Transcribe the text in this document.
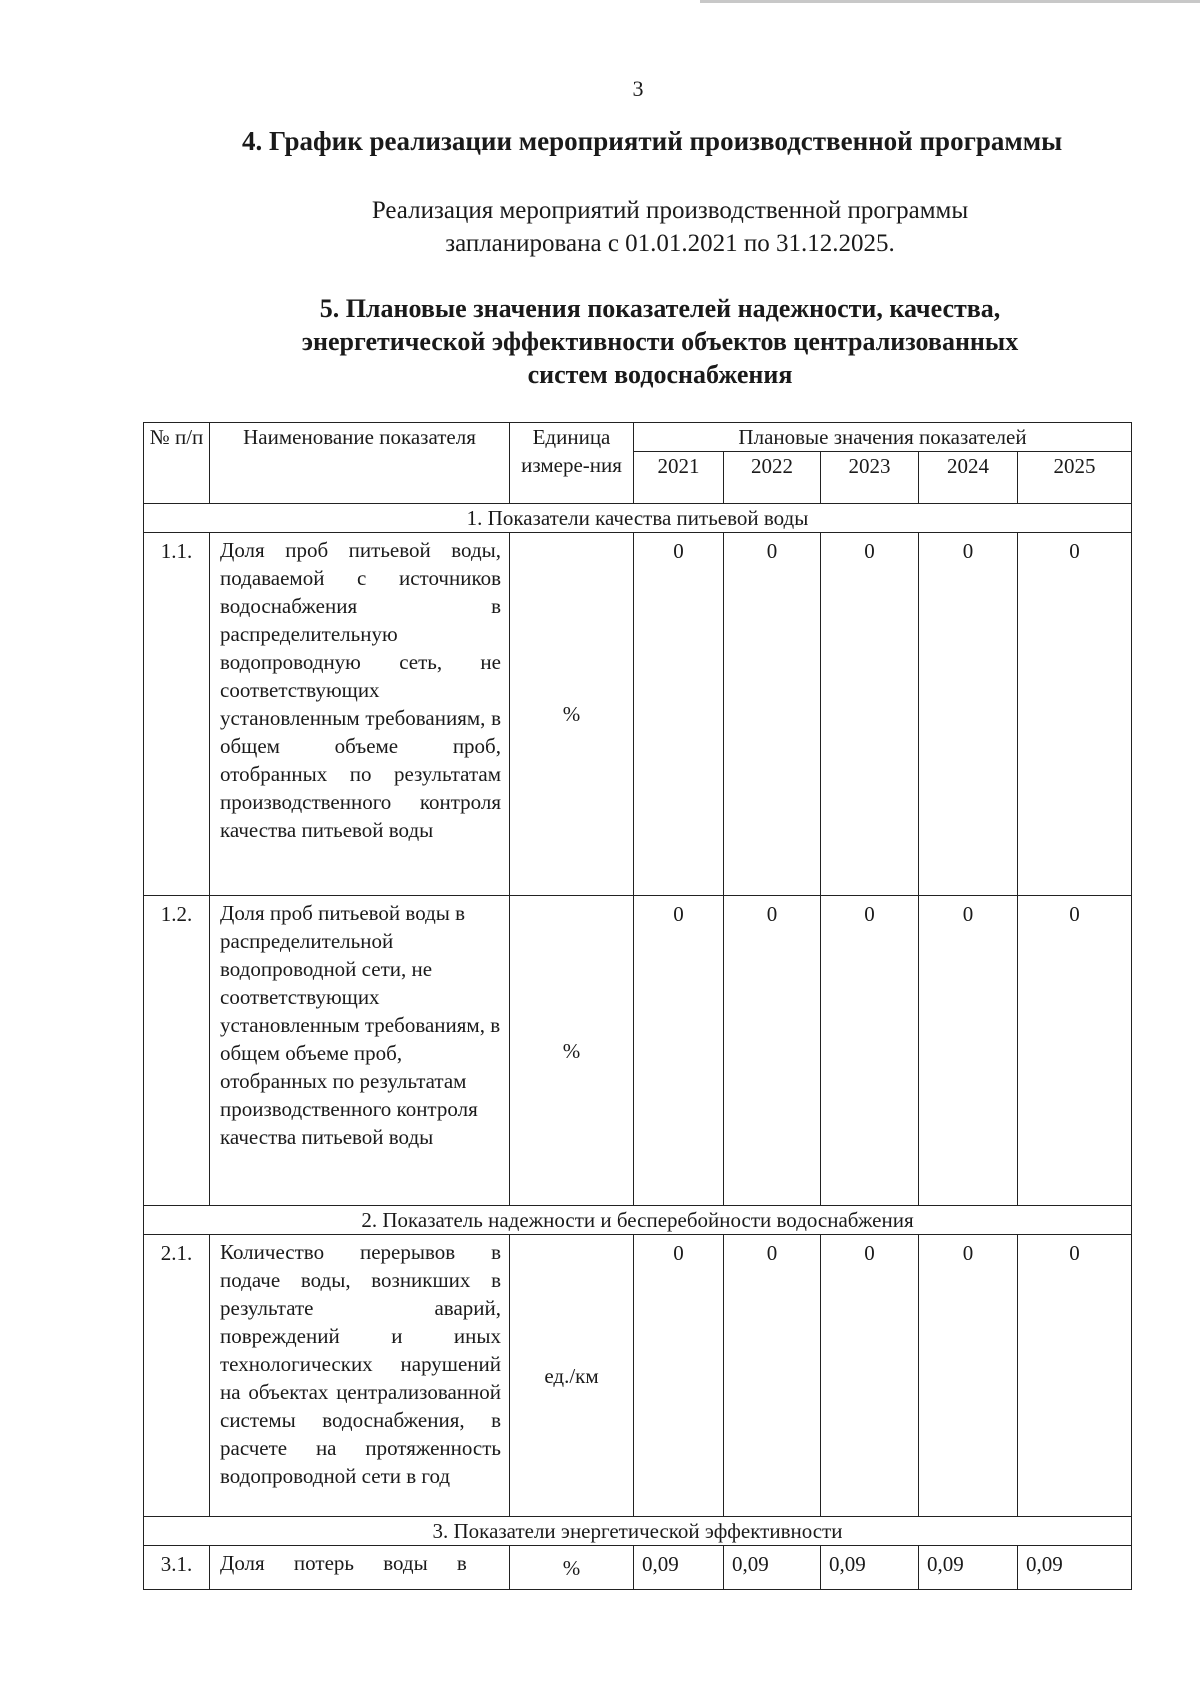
3
4. График реализации мероприятий производственной программы
Реализация мероприятий производственной программы
запланирована с 01.01.2021 по 31.12.2025.
5. Плановые значения показателей надежности, качества,
энергетической эффективности объектов централизованных
систем водоснабжения
№ п/п	Наименование показателя	Единица измере-ния	Плановые значения показателей				
			2021	2022	2023	2024	2025
1. Показатели качества питьевой воды							
1.1.	Доля проб питьевой воды, подаваемой с источников водоснабжения в распределительную водопроводную сеть, не соответствующих установленным требованиям, в общем объеме проб, отобранных по результатам производственного контроля качества питьевой воды	%	0	0	0	0	0
1.2.	Доля проб питьевой воды в распределительной водопроводной сети, не соответствующих установленным требованиям, в общем объеме проб, отобранных по результатам производственного контроля качества питьевой воды	%	0	0	0	0	0
2. Показатель надежности и бесперебойности водоснабжения							
2.1.	Количество перерывов в подаче воды, возникших в результате аварий, повреждений и иных технологических нарушений на объектах централизованной системы водоснабжения, в расчете на протяженность водопроводной сети в год	ед./км	0	0	0	0	0
3. Показатели энергетической эффективности							
3.1.	Доля потерь воды в	%	0,09	0,09	0,09	0,09	0,09
